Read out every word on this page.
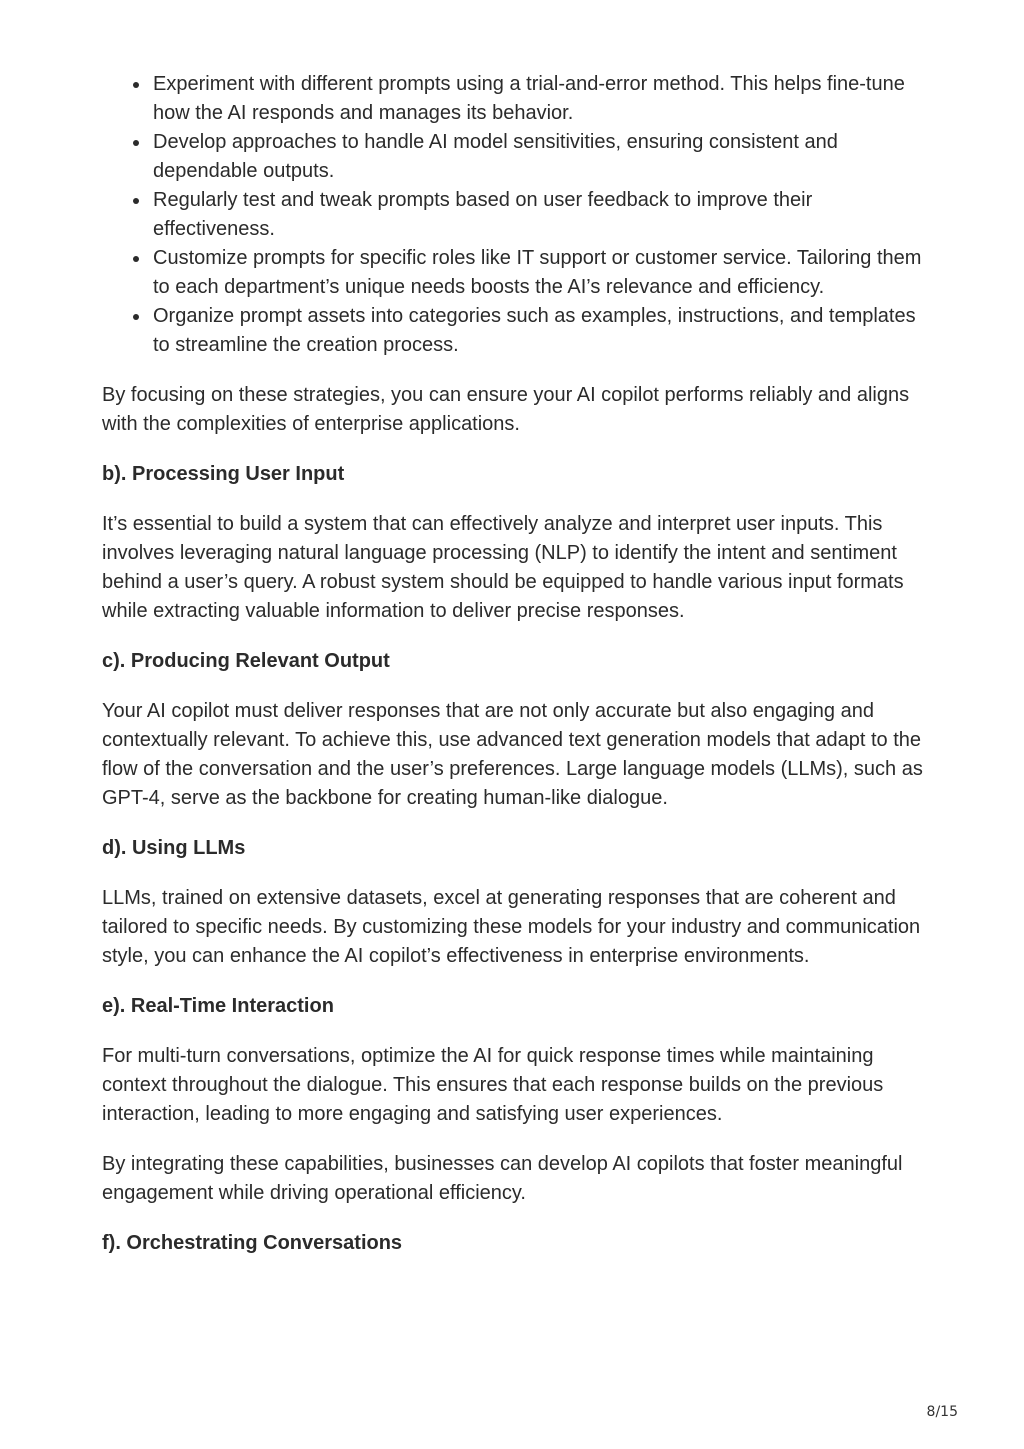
Experiment with different prompts using a trial-and-error method. This helps fine-tune how the AI responds and manages its behavior.
Develop approaches to handle AI model sensitivities, ensuring consistent and dependable outputs.
Regularly test and tweak prompts based on user feedback to improve their effectiveness.
Customize prompts for specific roles like IT support or customer service. Tailoring them to each department’s unique needs boosts the AI’s relevance and efficiency.
Organize prompt assets into categories such as examples, instructions, and templates to streamline the creation process.

By focusing on these strategies, you can ensure your AI copilot performs reliably and aligns with the complexities of enterprise applications.

b). Processing User Input

It’s essential to build a system that can effectively analyze and interpret user inputs. This involves leveraging natural language processing (NLP) to identify the intent and sentiment behind a user’s query. A robust system should be equipped to handle various input formats while extracting valuable information to deliver precise responses.

c). Producing Relevant Output

Your AI copilot must deliver responses that are not only accurate but also engaging and contextually relevant. To achieve this, use advanced text generation models that adapt to the flow of the conversation and the user’s preferences. Large language models (LLMs), such as GPT-4, serve as the backbone for creating human-like dialogue.

d). Using LLMs

LLMs, trained on extensive datasets, excel at generating responses that are coherent and tailored to specific needs. By customizing these models for your industry and communication style, you can enhance the AI copilot’s effectiveness in enterprise environments.

e). Real-Time Interaction

For multi-turn conversations, optimize the AI for quick response times while maintaining context throughout the dialogue. This ensures that each response builds on the previous interaction, leading to more engaging and satisfying user experiences.

By integrating these capabilities, businesses can develop AI copilots that foster meaningful engagement while driving operational efficiency.

f). Orchestrating Conversations
8/15
